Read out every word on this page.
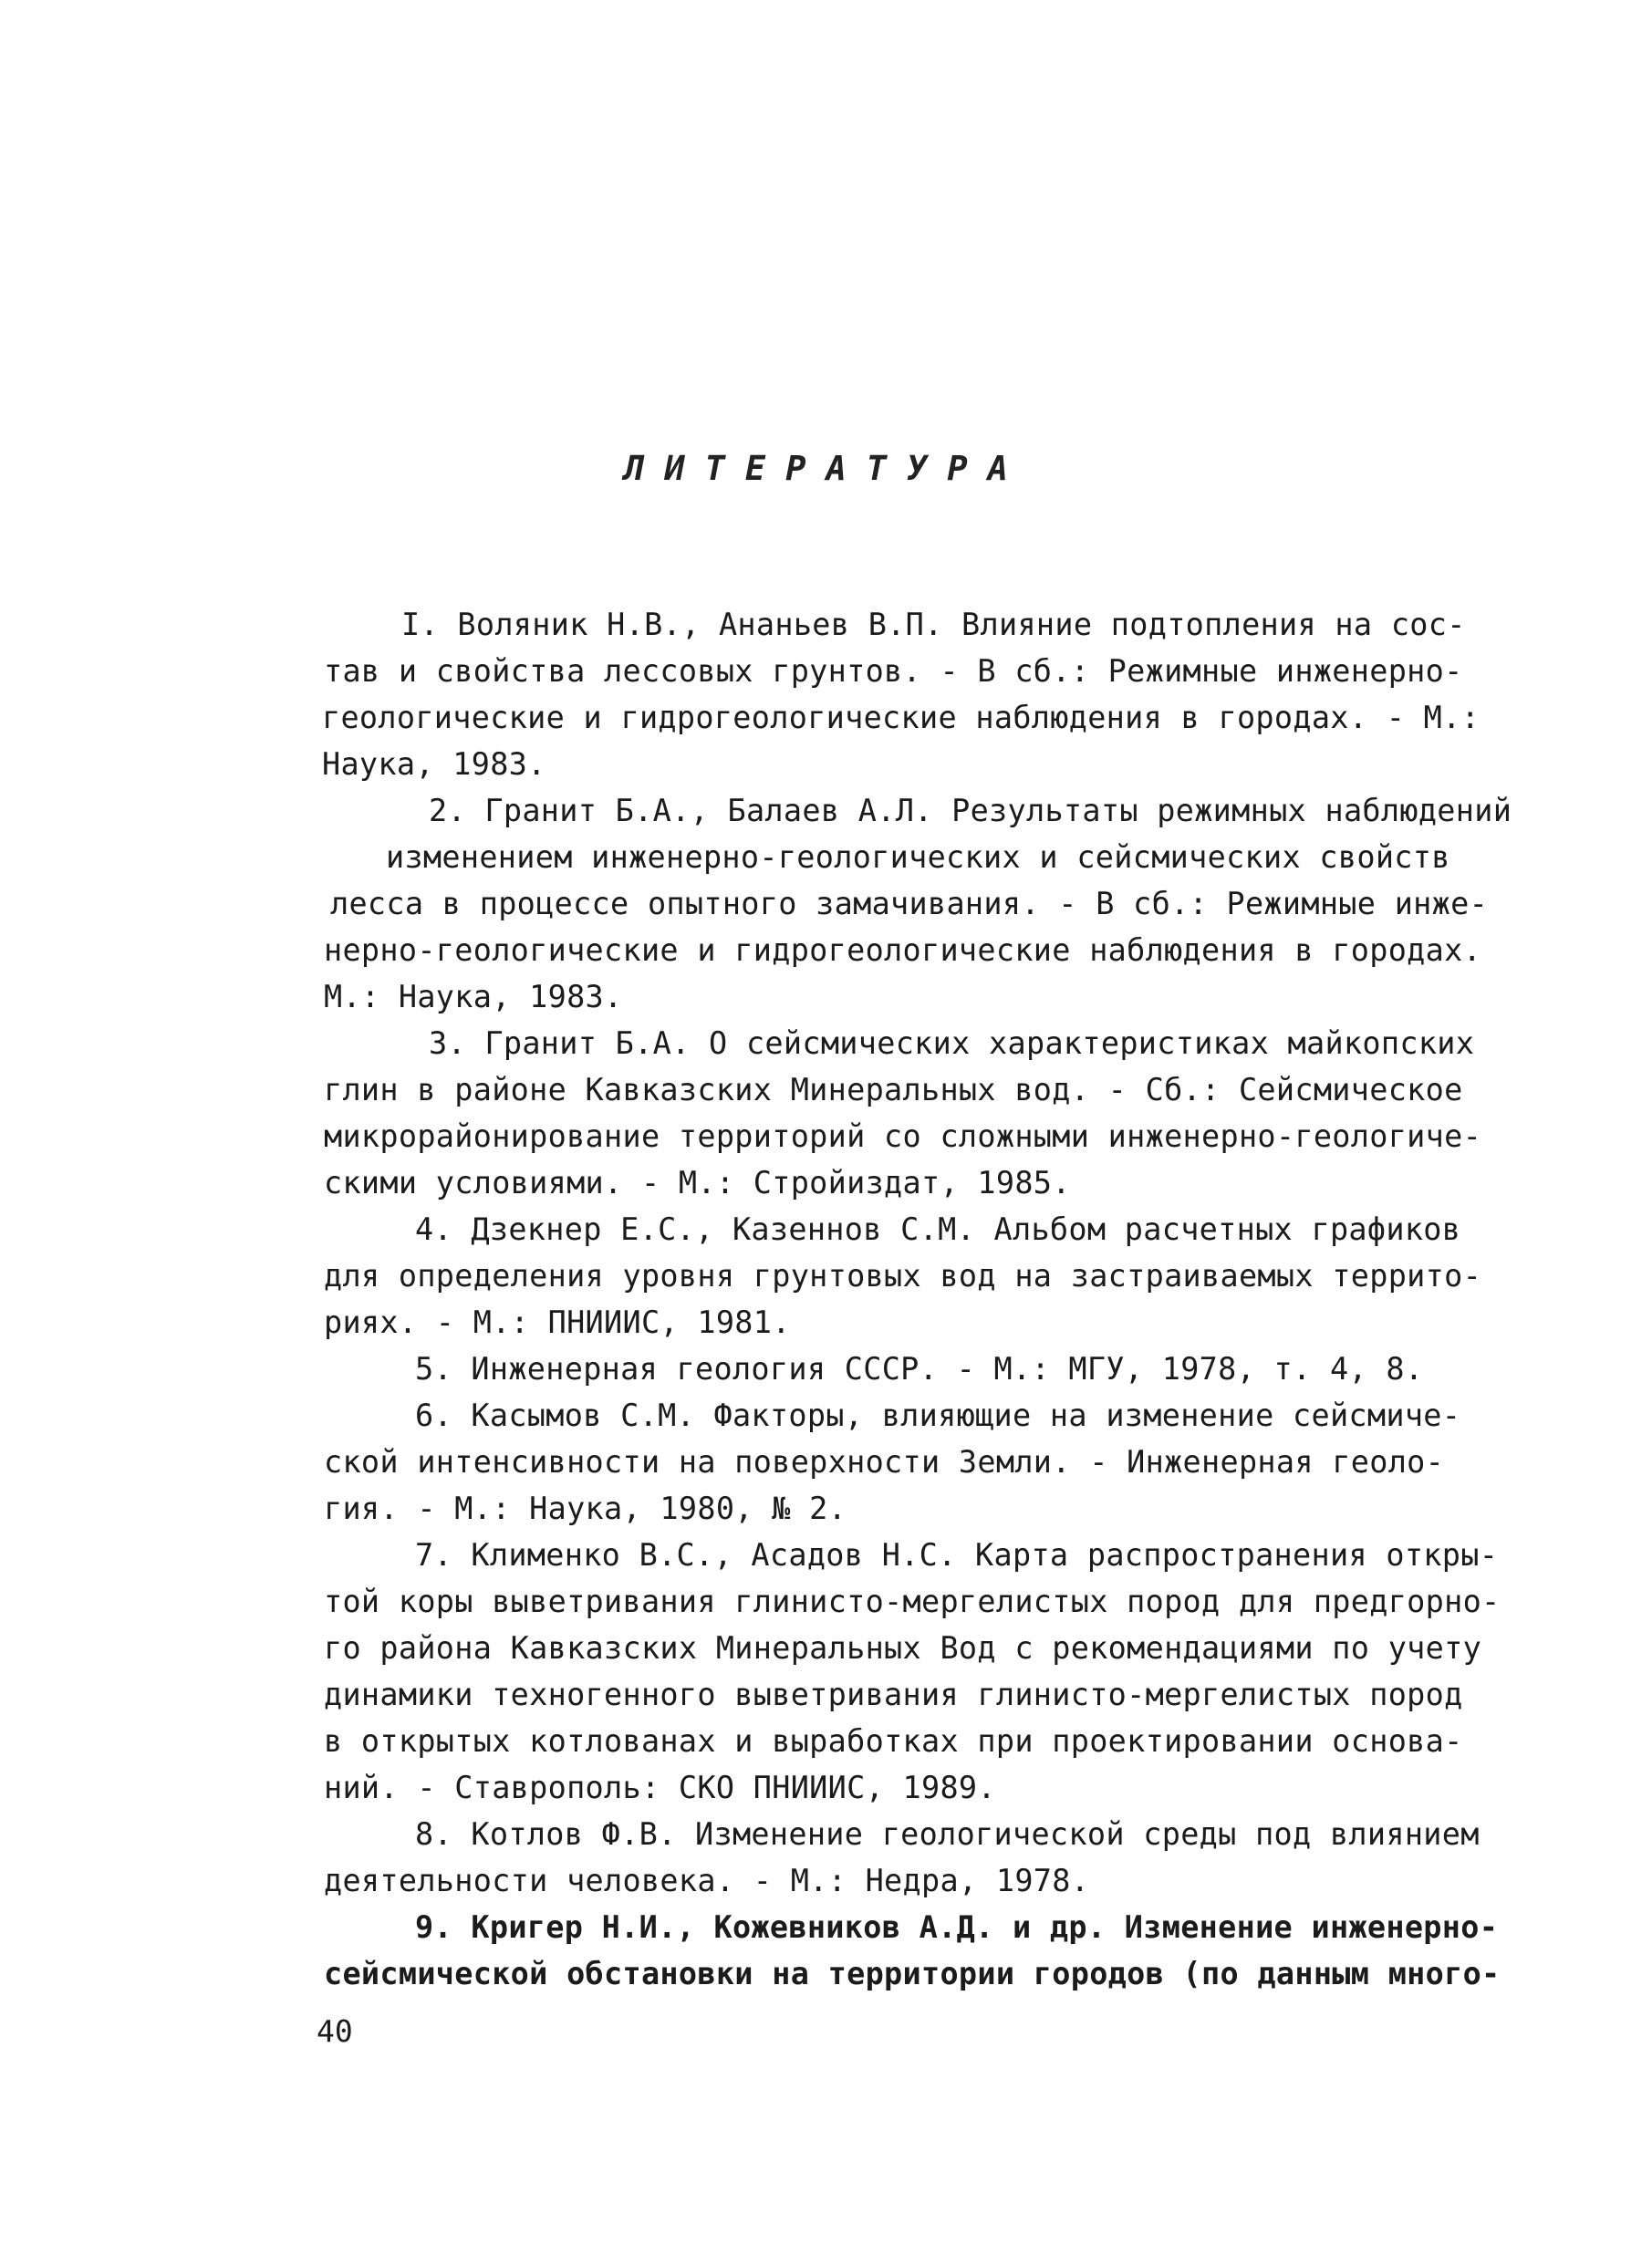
ЛИТЕРАТУРА
I. Воляник Н.В., Ананьев В.П. Влияние подтопления на сос-
тав и свойства лессовых грунтов. - В сб.: Режимные инженерно-
геологические и гидрогеологические наблюдения в городах. - М.:
Наука, 1983.
2. Гранит Б.А., Балаев А.Л. Результаты режимных наблюдений
изменением инженерно-геологических и сейсмических свойств
лесса в процессе опытного замачивания. - В сб.: Режимные инже-
нерно-геологические и гидрогеологические наблюдения в городах.
М.: Наука, 1983.
3. Гранит Б.А. О сейсмических характеристиках майкопских
глин в районе Кавказских Минеральных вод. - Сб.: Сейсмическое
микрорайонирование территорий со сложными инженерно-геологиче-
скими условиями. - М.: Стройиздат, 1985.
4. Дзекнер Е.С., Казеннов С.М. Альбом расчетных графиков
для определения уровня грунтовых вод на застраиваемых террито-
риях. - М.: ПНИИИС, 1981.
5. Инженерная геология СССР. - М.: МГУ, 1978, т. 4, 8.
6. Касымов С.М. Факторы, влияющие на изменение сейсмиче-
ской интенсивности на поверхности Земли. - Инженерная геоло-
гия. - М.: Наука, 1980, № 2.
7. Клименко В.С., Асадов Н.С. Карта распространения откры-
той коры выветривания глинисто-мергелистых пород для предгорно-
го района Кавказских Минеральных Вод с рекомендациями по учету
динамики техногенного выветривания глинисто-мергелистых пород
в открытых котлованах и выработках при проектировании основа-
ний. - Ставрополь: СКО ПНИИИС, 1989.
8. Котлов Ф.В. Изменение геологической среды под влиянием
деятельности человека. - М.: Недра, 1978.
9. Кригер Н.И., Кожевников А.Д. и др. Изменение инженерно-
сейсмической обстановки на территории городов (по данным много-
40
